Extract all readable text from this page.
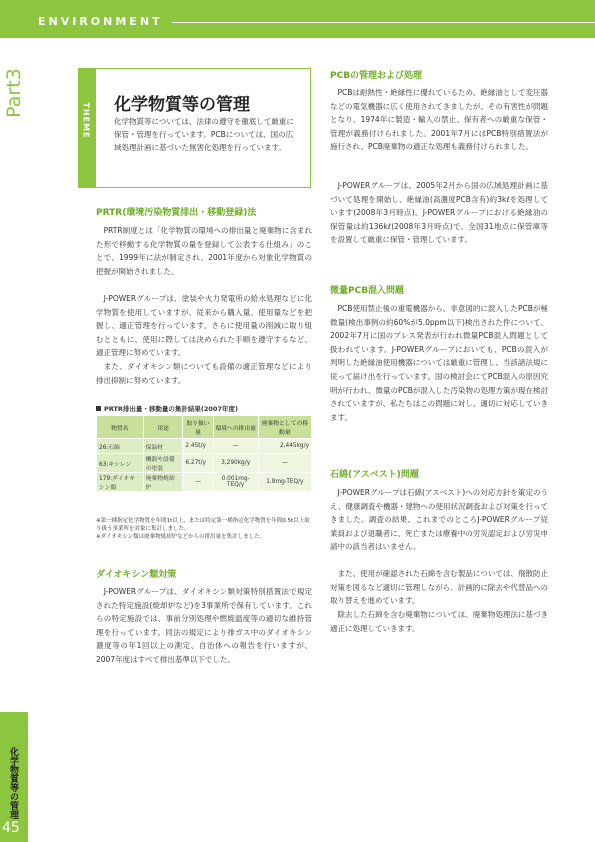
ENVIRONMENT
Part3
化学物質等の管理
45
THEME 化学物質等の管理
化学物質等については、法律の遵守を徹底して厳重に保管・管理を行っています。PCBについては、国の広域処理計画に基づいた無害化処理を行っています。
PRTR(環境汚染物質排出・移動登録)法
　PRTR制度とは「化学物質の環境への排出量と廃棄物に含まれた形で移動する化学物質の量を登録して公表する仕組み」のことで、1999年に法が制定され、2001年度から対象化学物質の把握が開始されました。
　J-POWERグループは、塗装や火力発電所の給水処理などに化学物質を使用していますが、従来から購入量、使用量などを把握し、適正管理を行っています。さらに使用量の削減に取り組むとともに、使用に際しては決められた手順を遵守するなど、適正管理に努めています。
　また、ダイオキシン類についても設備の適正管理などにより排出抑制に努めています。
PRTR排出量・移動量の集計結果(2007年度)
物質名	用途	取り扱い量	環境への排出量	廃棄物としての移動量
26:石綿	保温材	2.45t/y	—	2,445kg/y
63:キシレン	機器や設備の塗装	6.27t/y	3,290kg/y	—
179:ダイオキシン類	廃棄物焼却炉	—	0.001mg-TEQ/y	1.8mg-TEQ/y
※第一種指定化学物質を年間1t以上、または特定第一種指定化学物質を年間0.5t以上取り扱う事業所を対象に集計しました。
※ダイオキシン類は廃棄物焼却炉などからの排出量を集計しました。
ダイオキシン類対策
　J-POWERグループは、ダイオキシン類対策特別措置法で規定された特定施設(焼却炉など)を3事業所で保有しています。これらの特定施設では、事前分別処理や燃焼温度等の適切な維持管理を行っています。同法の規定により排ガス中のダイオキシン濃度等の年1回以上の測定、自治体への報告を行いますが、2007年度はすべて排出基準以下でした。
PCBの管理および処理
　PCBは耐熱性・絶縁性に優れているため、絶縁油として変圧器などの電気機器に広く使用されてきましたが、その有害性が問題となり、1974年に製造・輸入の禁止、保有者への厳重な保管・管理が義務付けられました。2001年7月にはPCB特別措置法が施行され、PCB廃棄物の適正な処理も義務付けられました。
　J-POWERグループは、2005年2月から国の広域処理計画に基づいて処理を開始し、絶縁油(高濃度PCB含有)約3kℓを処理しています(2008年3月時点)。J-POWERグループにおける絶縁油の保管量は約136kℓ(2008年3月時点)で、全国31地点に保管庫等を設置して厳重に保管・管理しています。
微量PCB混入問題
　PCB使用禁止後の重電機器から、非意図的に混入したPCBが極微量(検出事例の約60%が5.0ppm以下)検出された件について、2002年7月に国のプレス発表が行われ微量PCB混入問題として扱われています。J-POWERグループにおいても、PCBの混入が判明した絶縁油使用機器については厳重に管理し、当該諸法規に従って届け出を行っています。国の検討会にてPCB混入の原因究明が行われ、微量のPCBが混入した汚染物の処理方策が現在検討されていますが、私たちはこの問題に対し、適切に対応していきます。
石綿(アスベスト)問題
　J-POWERグループは石綿(アスベスト)への対応方針を策定のうえ、健康調査や機器・建物への使用状況調査および対策を行ってきました。調査の結果、これまでのところJ-POWERグループ従業員および退職者に、死亡または療養中の労災認定および労災申請中の該当者はいません。
　また、使用が確認された石綿を含む製品については、飛散防止対策を図るなど適切に管理しながら、計画的に除去や代替品への取り替えを進めています。
　除去した石綿を含む廃棄物については、廃棄物処理法に基づき適正に処理していきます。
